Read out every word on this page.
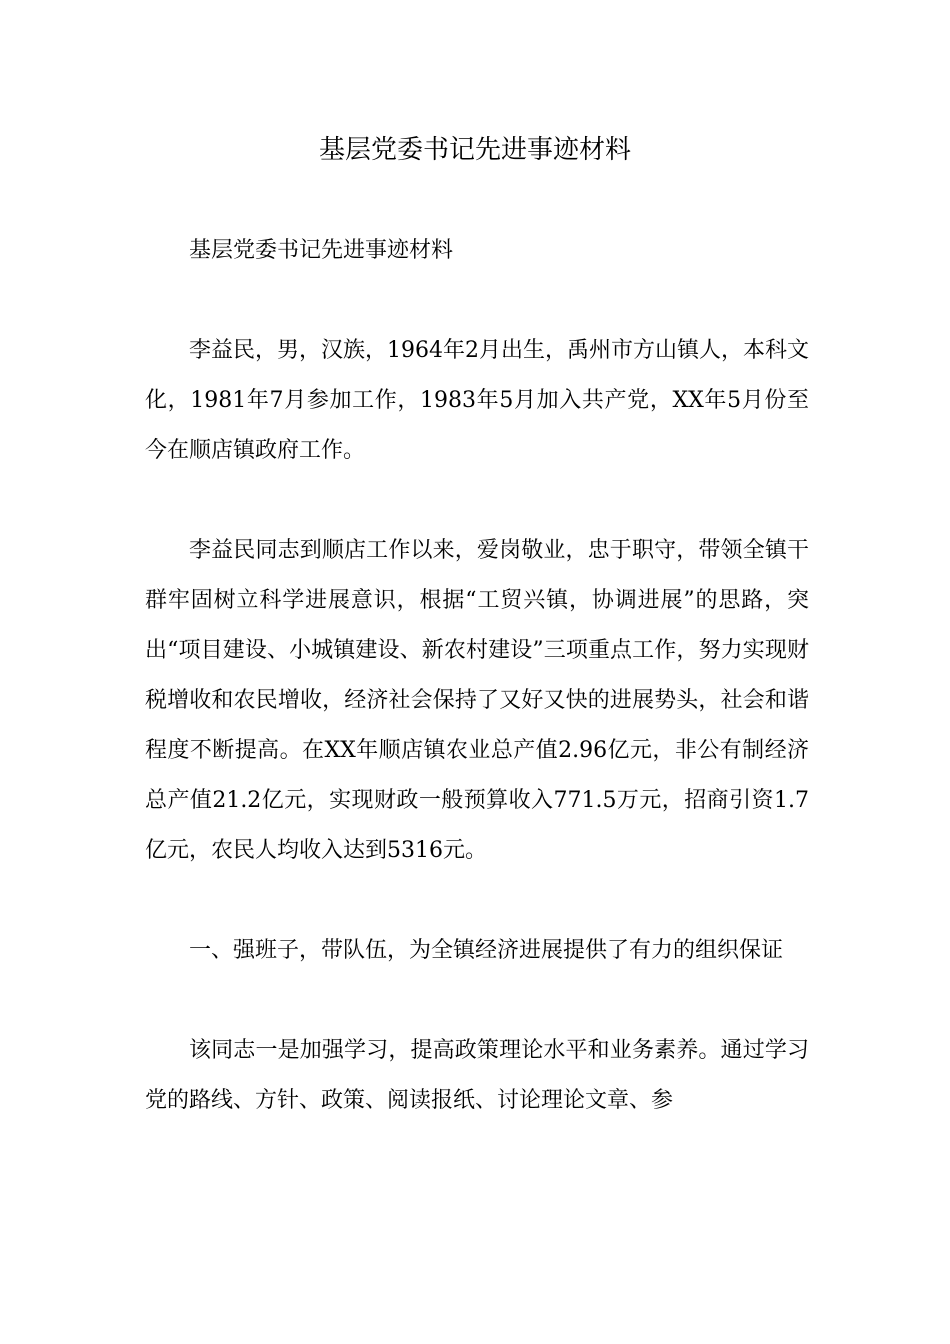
基层党委书记先进事迹材料

基层党委书记先进事迹材料

李益民，男，汉族，1964年2月出生，禹州市方山镇人，本科文化，1981年7月参加工作，1983年5月加入共产党，XX年5月份至今在顺店镇政府工作。

李益民同志到顺店工作以来，爱岗敬业，忠于职守，带领全镇干群牢固树立科学进展意识，根据“工贸兴镇，协调进展”的思路，突出“项目建设、小城镇建设、新农村建设”三项重点工作，努力实现财税增收和农民增收，经济社会保持了又好又快的进展势头，社会和谐程度不断提高。在XX年顺店镇农业总产值2.96亿元，非公有制经济总产值21.2亿元，实现财政一般预算收入771.5万元，招商引资1.7亿元，农民人均收入达到5316元。

一、强班子，带队伍，为全镇经济进展提供了有力的组织保证

该同志一是加强学习，提高政策理论水平和业务素养。通过学习党的路线、方针、政策、阅读报纸、讨论理论文章、参
